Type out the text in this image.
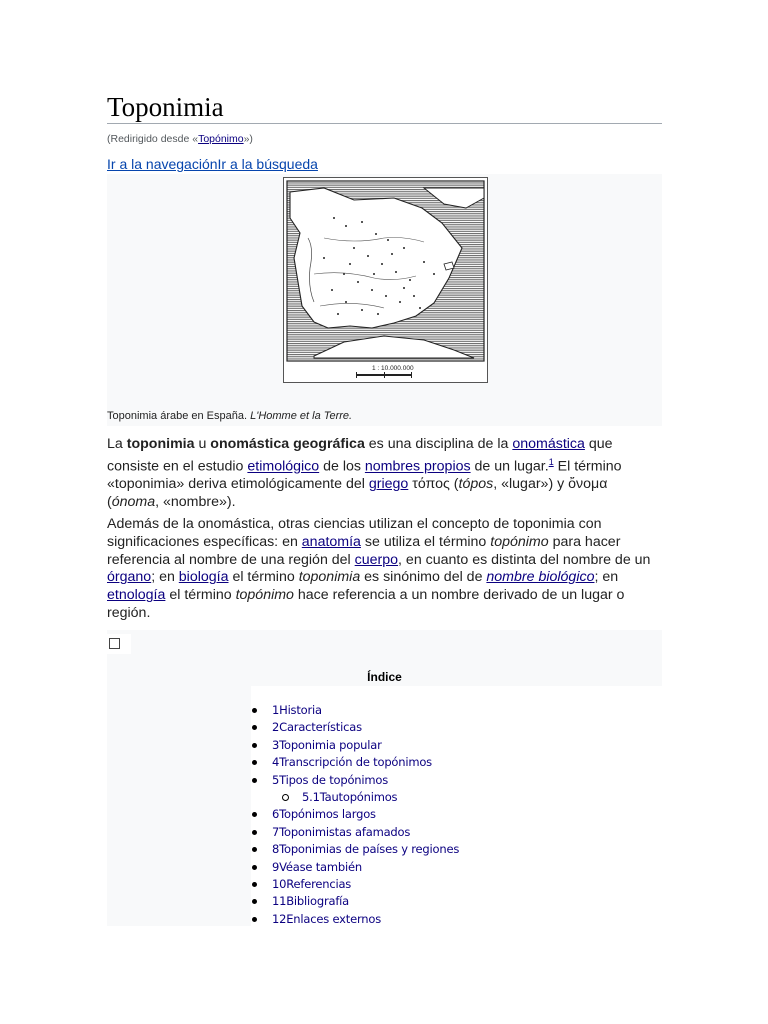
Toponimia
(Redirigido desde «Topónimo»)
Ir a la navegaciónIr a la búsqueda
1 : 10.000.000
Toponimia árabe en España. L'Homme et la Terre.

La toponimia u onomástica geográfica es una disciplina de la onomástica que consiste en el estudio etimológico de los nombres propios de un lugar.$^1$ El término «toponimia» deriva etimológicamente del griego τόπος (tópos, «lugar») y ὄνομα (ónoma, «nombre»).

Además de la onomástica, otras ciencias utilizan el concepto de toponimia con significaciones específicas: en anatomía se utiliza el término topónimo para hacer referencia al nombre de una región del cuerpo, en cuanto es distinta del nombre de un órgano; en biología el término toponimia es sinónimo del de nombre biológico; en etnología el término topónimo hace referencia a un nombre derivado de un lugar o región.

Índice
1Historia
2Características
3Toponimia popular
4Transcripción de topónimos
5Tipos de topónimos
5.1Tautopónimos
6Topónimos largos
7Toponimistas afamados
8Toponimias de países y regiones
9Véase también
10Referencias
11Bibliografía
12Enlaces externos
